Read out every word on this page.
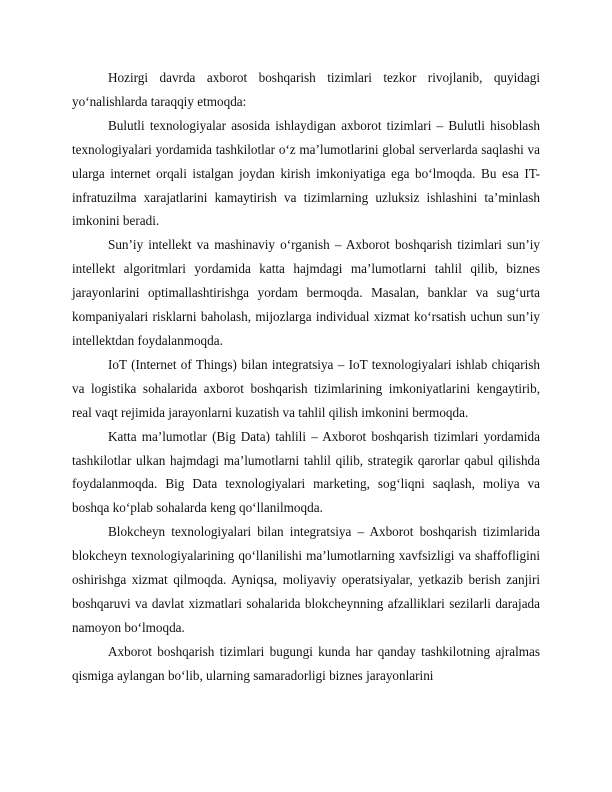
Hozirgi davrda axborot boshqarish tizimlari tezkor rivojlanib, quyidagi yo‘nalishlarda taraqqiy etmoqda:

Bulutli texnologiyalar asosida ishlaydigan axborot tizimlari – Bulutli hisoblash texnologiyalari yordamida tashkilotlar o‘z ma’lumotlarini global serverlarda saqlashi va ularga internet orqali istalgan joydan kirish imkoniyatiga ega bo‘lmoqda. Bu esa IT-infratuzilma xarajatlarini kamaytirish va tizimlarning uzluksiz ishlashini ta’minlash imkonini beradi.

Sun’iy intellekt va mashinaviy o‘rganish – Axborot boshqarish tizimlari sun’iy intellekt algoritmlari yordamida katta hajmdagi ma’lumotlarni tahlil qilib, biznes jarayonlarini optimallashtirishga yordam bermoqda. Masalan, banklar va sug‘urta kompaniyalari risklarni baholash, mijozlarga individual xizmat ko‘rsatish uchun sun’iy intellektdan foydalanmoqda.

IoT (Internet of Things) bilan integratsiya – IoT texnologiyalari ishlab chiqarish va logistika sohalarida axborot boshqarish tizimlarining imkoniyatlarini kengaytirib, real vaqt rejimida jarayonlarni kuzatish va tahlil qilish imkonini bermoqda.

Katta ma’lumotlar (Big Data) tahlili – Axborot boshqarish tizimlari yordamida tashkilotlar ulkan hajmdagi ma’lumotlarni tahlil qilib, strategik qarorlar qabul qilishda foydalanmoqda. Big Data texnologiyalari marketing, sog‘liqni saqlash, moliya va boshqa ko‘plab sohalarda keng qo‘llanilmoqda.

Blokcheyn texnologiyalari bilan integratsiya – Axborot boshqarish tizimlarida blokcheyn texnologiyalarining qo‘llanilishi ma’lumotlarning xavfsizligi va shaffofligini oshirishga xizmat qilmoqda. Ayniqsa, moliyaviy operatsiyalar, yetkazib berish zanjiri boshqaruvi va davlat xizmatlari sohalarida blokcheynning afzalliklari sezilarli darajada namoyon bo‘lmoqda.

Axborot boshqarish tizimlari bugungi kunda har qanday tashkilotning ajralmas qismiga aylangan bo‘lib, ularning samaradorligi biznes jarayonlarini
